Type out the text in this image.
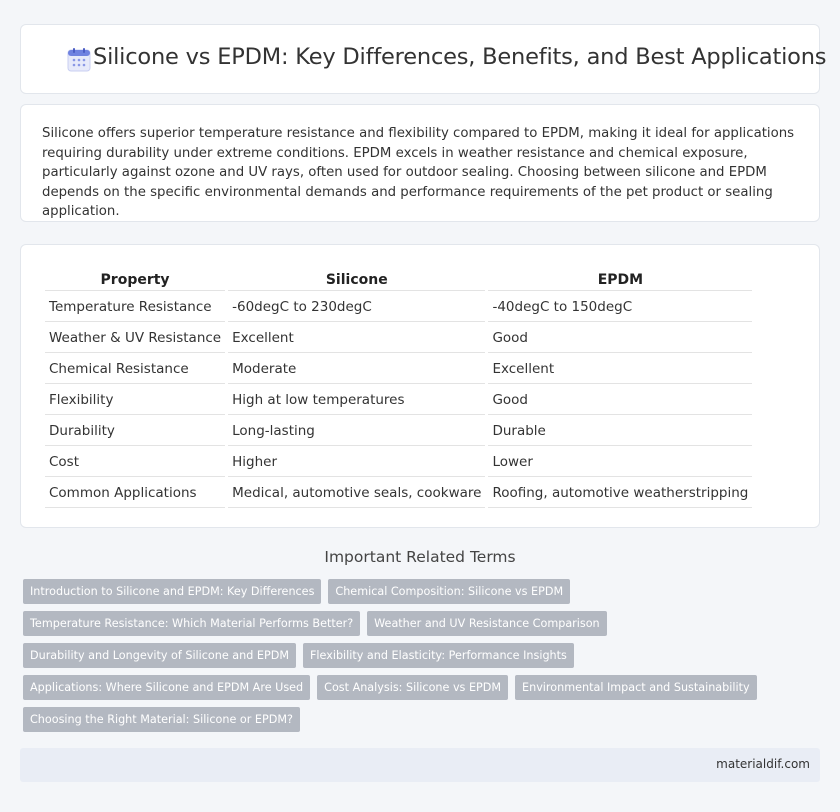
Silicone vs EPDM: Key Differences, Benefits, and Best Applications

Silicone offers superior temperature resistance and flexibility compared to EPDM, making it ideal for applications requiring durability under extreme conditions. EPDM excels in weather resistance and chemical exposure, particularly against ozone and UV rays, often used for outdoor sealing. Choosing between silicone and EPDM depends on the specific environmental demands and performance requirements of the pet product or sealing application.

Property	Silicone	EPDM
Temperature Resistance	-60degC to 230degC	-40degC to 150degC
Weather & UV Resistance	Excellent	Good
Chemical Resistance	Moderate	Excellent
Flexibility	High at low temperatures	Good
Durability	Long-lasting	Durable
Cost	Higher	Lower
Common Applications	Medical, automotive seals, cookware	Roofing, automotive weatherstripping
Important Related Terms
Introduction to Silicone and EPDM: Key Differences	Chemical Composition: Silicone vs EPDM
Temperature Resistance: Which Material Performs Better?	Weather and UV Resistance Comparison
Durability and Longevity of Silicone and EPDM	Flexibility and Elasticity: Performance Insights
Applications: Where Silicone and EPDM Are Used	Cost Analysis: Silicone vs EPDM	Environmental Impact and Sustainability
Choosing the Right Material: Silicone or EPDM?
materialdif.com
